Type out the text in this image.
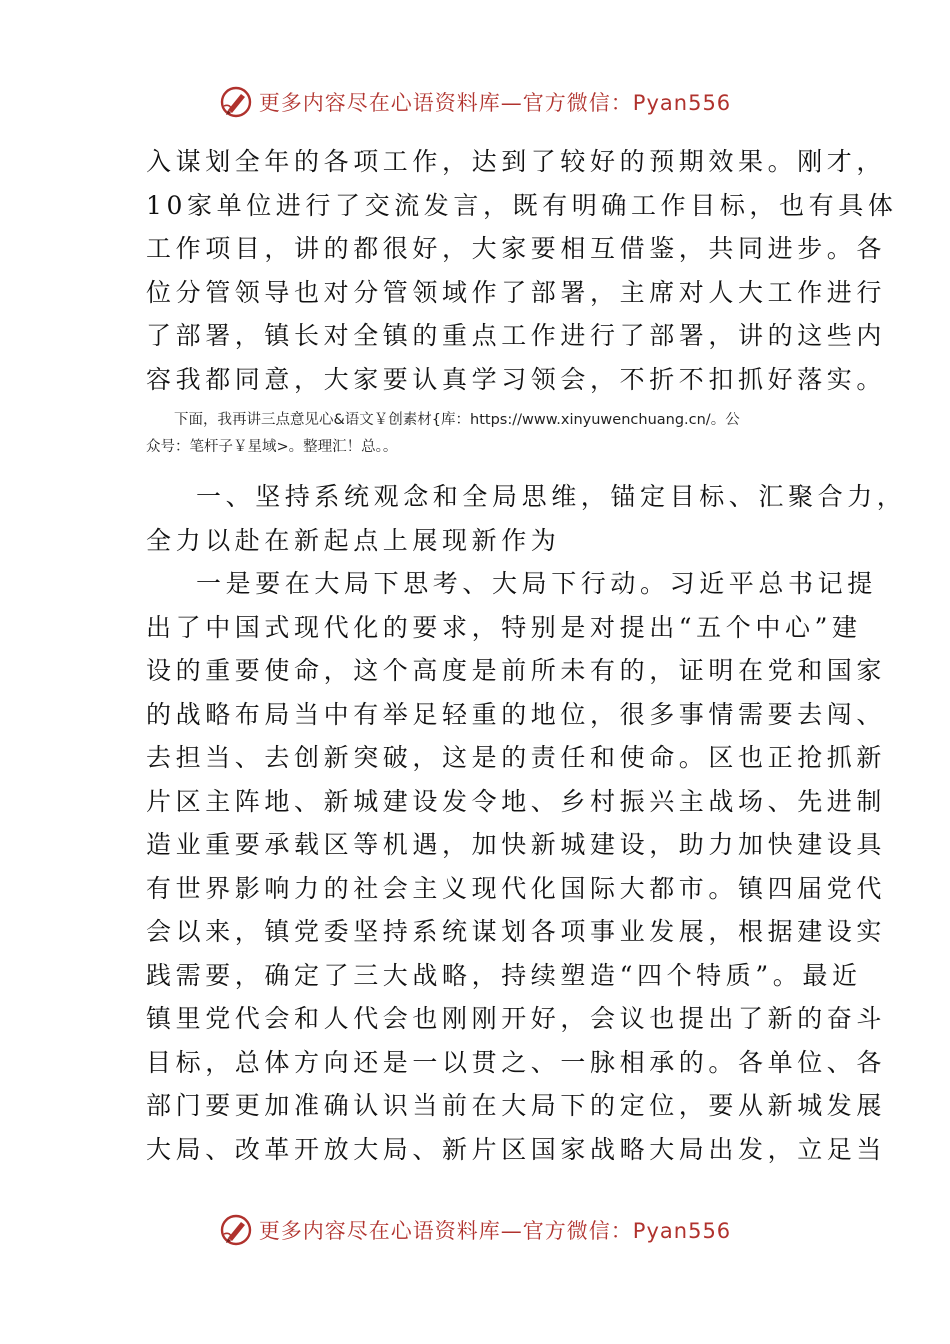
更多内容尽在心语资料库—官方微信：Pyan556
入谋划全年的各项工作，达到了较好的预期效果。刚才，
10家单位进行了交流发言，既有明确工作目标，也有具体
工作项目，讲的都很好，大家要相互借鉴，共同进步。各
位分管领导也对分管领域作了部署，主席对人大工作进行
了部署，镇长对全镇的重点工作进行了部署，讲的这些内
容我都同意，大家要认真学习领会，不折不扣抓好落实。
下面，我再讲三点意见心&语文￥创素材{库：https://www.xinyuwenchuang.cn/。公
众号：笔杆子￥星域>。整理汇！总。。
一、坚持系统观念和全局思维，锚定目标、汇聚合力，
全力以赴在新起点上展现新作为
一是要在大局下思考、大局下行动。习近平总书记提
出了中国式现代化的要求，特别是对提出“五个中心”建
设的重要使命，这个高度是前所未有的，证明在党和国家
的战略布局当中有举足轻重的地位，很多事情需要去闯、
去担当、去创新突破，这是的责任和使命。区也正抢抓新
片区主阵地、新城建设发令地、乡村振兴主战场、先进制
造业重要承载区等机遇，加快新城建设，助力加快建设具
有世界影响力的社会主义现代化国际大都市。镇四届党代
会以来，镇党委坚持系统谋划各项事业发展，根据建设实
践需要，确定了三大战略，持续塑造“四个特质”。最近
镇里党代会和人代会也刚刚开好，会议也提出了新的奋斗
目标，总体方向还是一以贯之、一脉相承的。各单位、各
部门要更加准确认识当前在大局下的定位，要从新城发展
大局、改革开放大局、新片区国家战略大局出发，立足当
更多内容尽在心语资料库—官方微信：Pyan556
